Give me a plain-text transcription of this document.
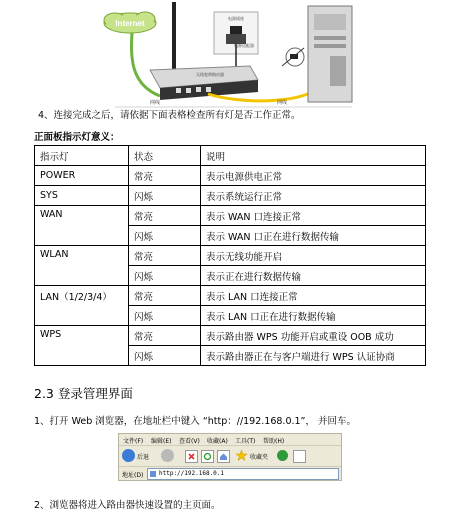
Internet
电源插座
电源适配器
无线宽带路由器
网线	网线
4、连接完成之后，请依据下面表格检查所有灯是否工作正常。
正面板指示灯意义：
指示灯	状态	说明
POWER	常亮	表示电源供电正常
SYS	闪烁	表示系统运行正常
WAN	常亮	表示 WAN 口连接正常
	闪烁	表示 WAN 口正在进行数据传输
WLAN	常亮	表示无线功能开启
	闪烁	表示正在进行数据传输
LAN（1/2/3/4）	常亮	表示 LAN 口连接正常
	闪烁	表示 LAN 口正在进行数据传输
WPS	常亮	表示路由器 WPS 功能开启或重设 OOB 成功
	闪烁	表示路由器正在与客户端进行 WPS 认证协商
2.3 登录管理界面
1、打开 Web 浏览器，在地址栏中键入 “http：//192.168.0.1”， 并回车。
文件(F) 编辑(E) 查看(V) 收藏(A) 工具(T) 帮助(H)
后退	收藏夹
地址(D)	http://192.168.0.1
2、浏览器将进入路由器快速设置的主页面。
